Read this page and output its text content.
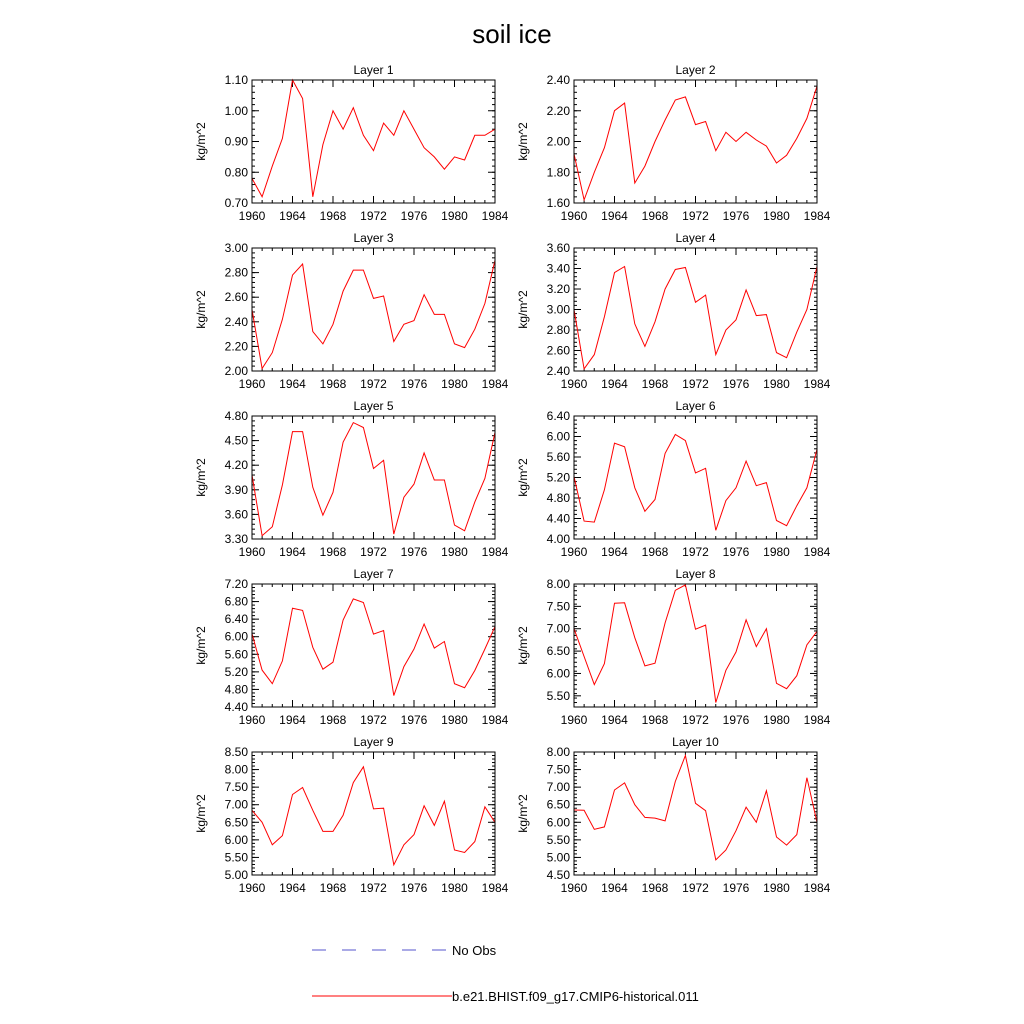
soil ice
Layer 1
kg/m^2
1960 1964 1968 1972 1976 1980 1984
0.70
0.80
0.90
1.00
1.10
Layer 2
kg/m^2
1960 1964 1968 1972 1976 1980 1984
1.60
1.80
2.00
2.20
2.40
Layer 3
kg/m^2
1960 1964 1968 1972 1976 1980 1984
2.00
2.20
2.40
2.60
2.80
3.00
Layer 4
kg/m^2
1960 1964 1968 1972 1976 1980 1984
2.40
2.60
2.80
3.00
3.20
3.40
3.60
Layer 5
kg/m^2
1960 1964 1968 1972 1976 1980 1984
3.30
3.60
3.90
4.20
4.50
4.80
Layer 6
kg/m^2
1960 1964 1968 1972 1976 1980 1984
4.00
4.40
4.80
5.20
5.60
6.00
6.40
Layer 7
kg/m^2
1960 1964 1968 1972 1976 1980 1984
4.40
4.80
5.20
5.60
6.00
6.40
6.80
7.20
Layer 8
kg/m^2
1960 1964 1968 1972 1976 1980 1984
5.50
6.00
6.50
7.00
7.50
8.00
Layer 9
kg/m^2
1960 1964 1968 1972 1976 1980 1984
5.00
5.50
6.00
6.50
7.00
7.50
8.00
8.50
Layer 10
kg/m^2
1960 1964 1968 1972 1976 1980 1984
4.50
5.00
5.50
6.00
6.50
7.00
7.50
8.00
No Obs
b.e21.BHIST.f09_g17.CMIP6-historical.011
